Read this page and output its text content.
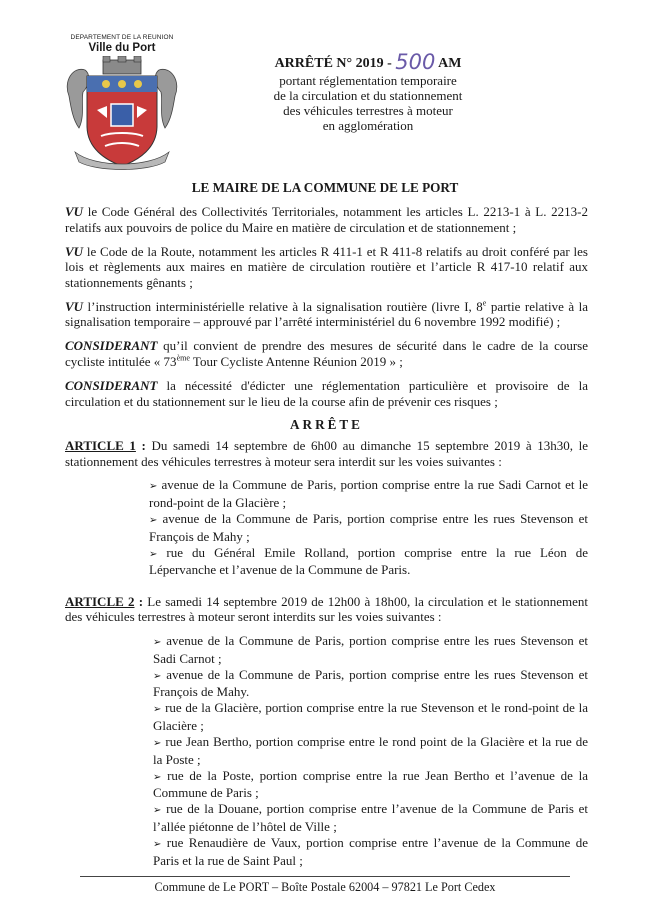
DEPARTEMENT DE LA REUNION
Ville du Port
ARRÊTÉ N° 2019 - 500 AM
portant réglementation temporaire
de la circulation et du stationnement
des véhicules terrestres à moteur
en agglomération
LE MAIRE DE LA COMMUNE DE LE PORT

VU le Code Général des Collectivités Territoriales, notamment les articles L. 2213-1 à L. 2213-2 relatifs aux pouvoirs de police du Maire en matière de circulation et de stationnement ;

VU le Code de la Route, notamment les articles R 411-1 et R 411-8 relatifs au droit conféré par les lois et règlements aux maires en matière de circulation routière et l’article R 417-10 relatif aux stationnements gênants ;

VU l’instruction interministérielle relative à la signalisation routière (livre I, 8e partie relative à la signalisation temporaire – approuvé par l’arrêté interministériel du 6 novembre 1992 modifié) ;

CONSIDERANT qu’il convient de prendre des mesures de sécurité dans le cadre de la course cycliste intitulée « 73ème Tour Cycliste Antenne Réunion 2019 » ;

CONSIDERANT la nécessité d'édicter une réglementation particulière et provisoire de la circulation et du stationnement sur le lieu de la course afin de prévenir ces risques ;

ARRÊTE

ARTICLE 1 : Du samedi 14 septembre de 6h00 au dimanche 15 septembre 2019 à 13h30, le stationnement des véhicules terrestres à moteur sera interdit sur les voies suivantes :

➢ avenue de la Commune de Paris, portion comprise entre la rue Sadi Carnot et le rond-point de la Glacière ;
➢ avenue de la Commune de Paris, portion comprise entre les rues Stevenson et François de Mahy ;
➢ rue du Général Emile Rolland, portion comprise entre la rue Léon de Lépervanche et l’avenue de la Commune de Paris.

ARTICLE 2 : Le samedi 14 septembre 2019 de 12h00 à 18h00, la circulation et le stationnement des véhicules terrestres à moteur seront interdits sur les voies suivantes :

➢ avenue de la Commune de Paris, portion comprise entre les rues Stevenson et Sadi Carnot ;
➢ avenue de la Commune de Paris, portion comprise entre les rues Stevenson et François de Mahy.
➢ rue de la Glacière, portion comprise entre la rue Stevenson et le rond-point de la Glacière ;
➢ rue Jean Bertho, portion comprise entre le rond point de la Glacière et la rue de la Poste ;
➢ rue de la Poste, portion comprise entre la rue Jean Bertho et l’avenue de la Commune de Paris ;
➢ rue de la Douane, portion comprise entre l’avenue de la Commune de Paris et l’allée piétonne de l’hôtel de Ville ;
➢ rue Renaudière de Vaux, portion comprise entre l’avenue de la Commune de Paris et la rue de Saint Paul ;
Commune de Le PORT – Boîte Postale 62004 – 97821 Le Port Cedex
